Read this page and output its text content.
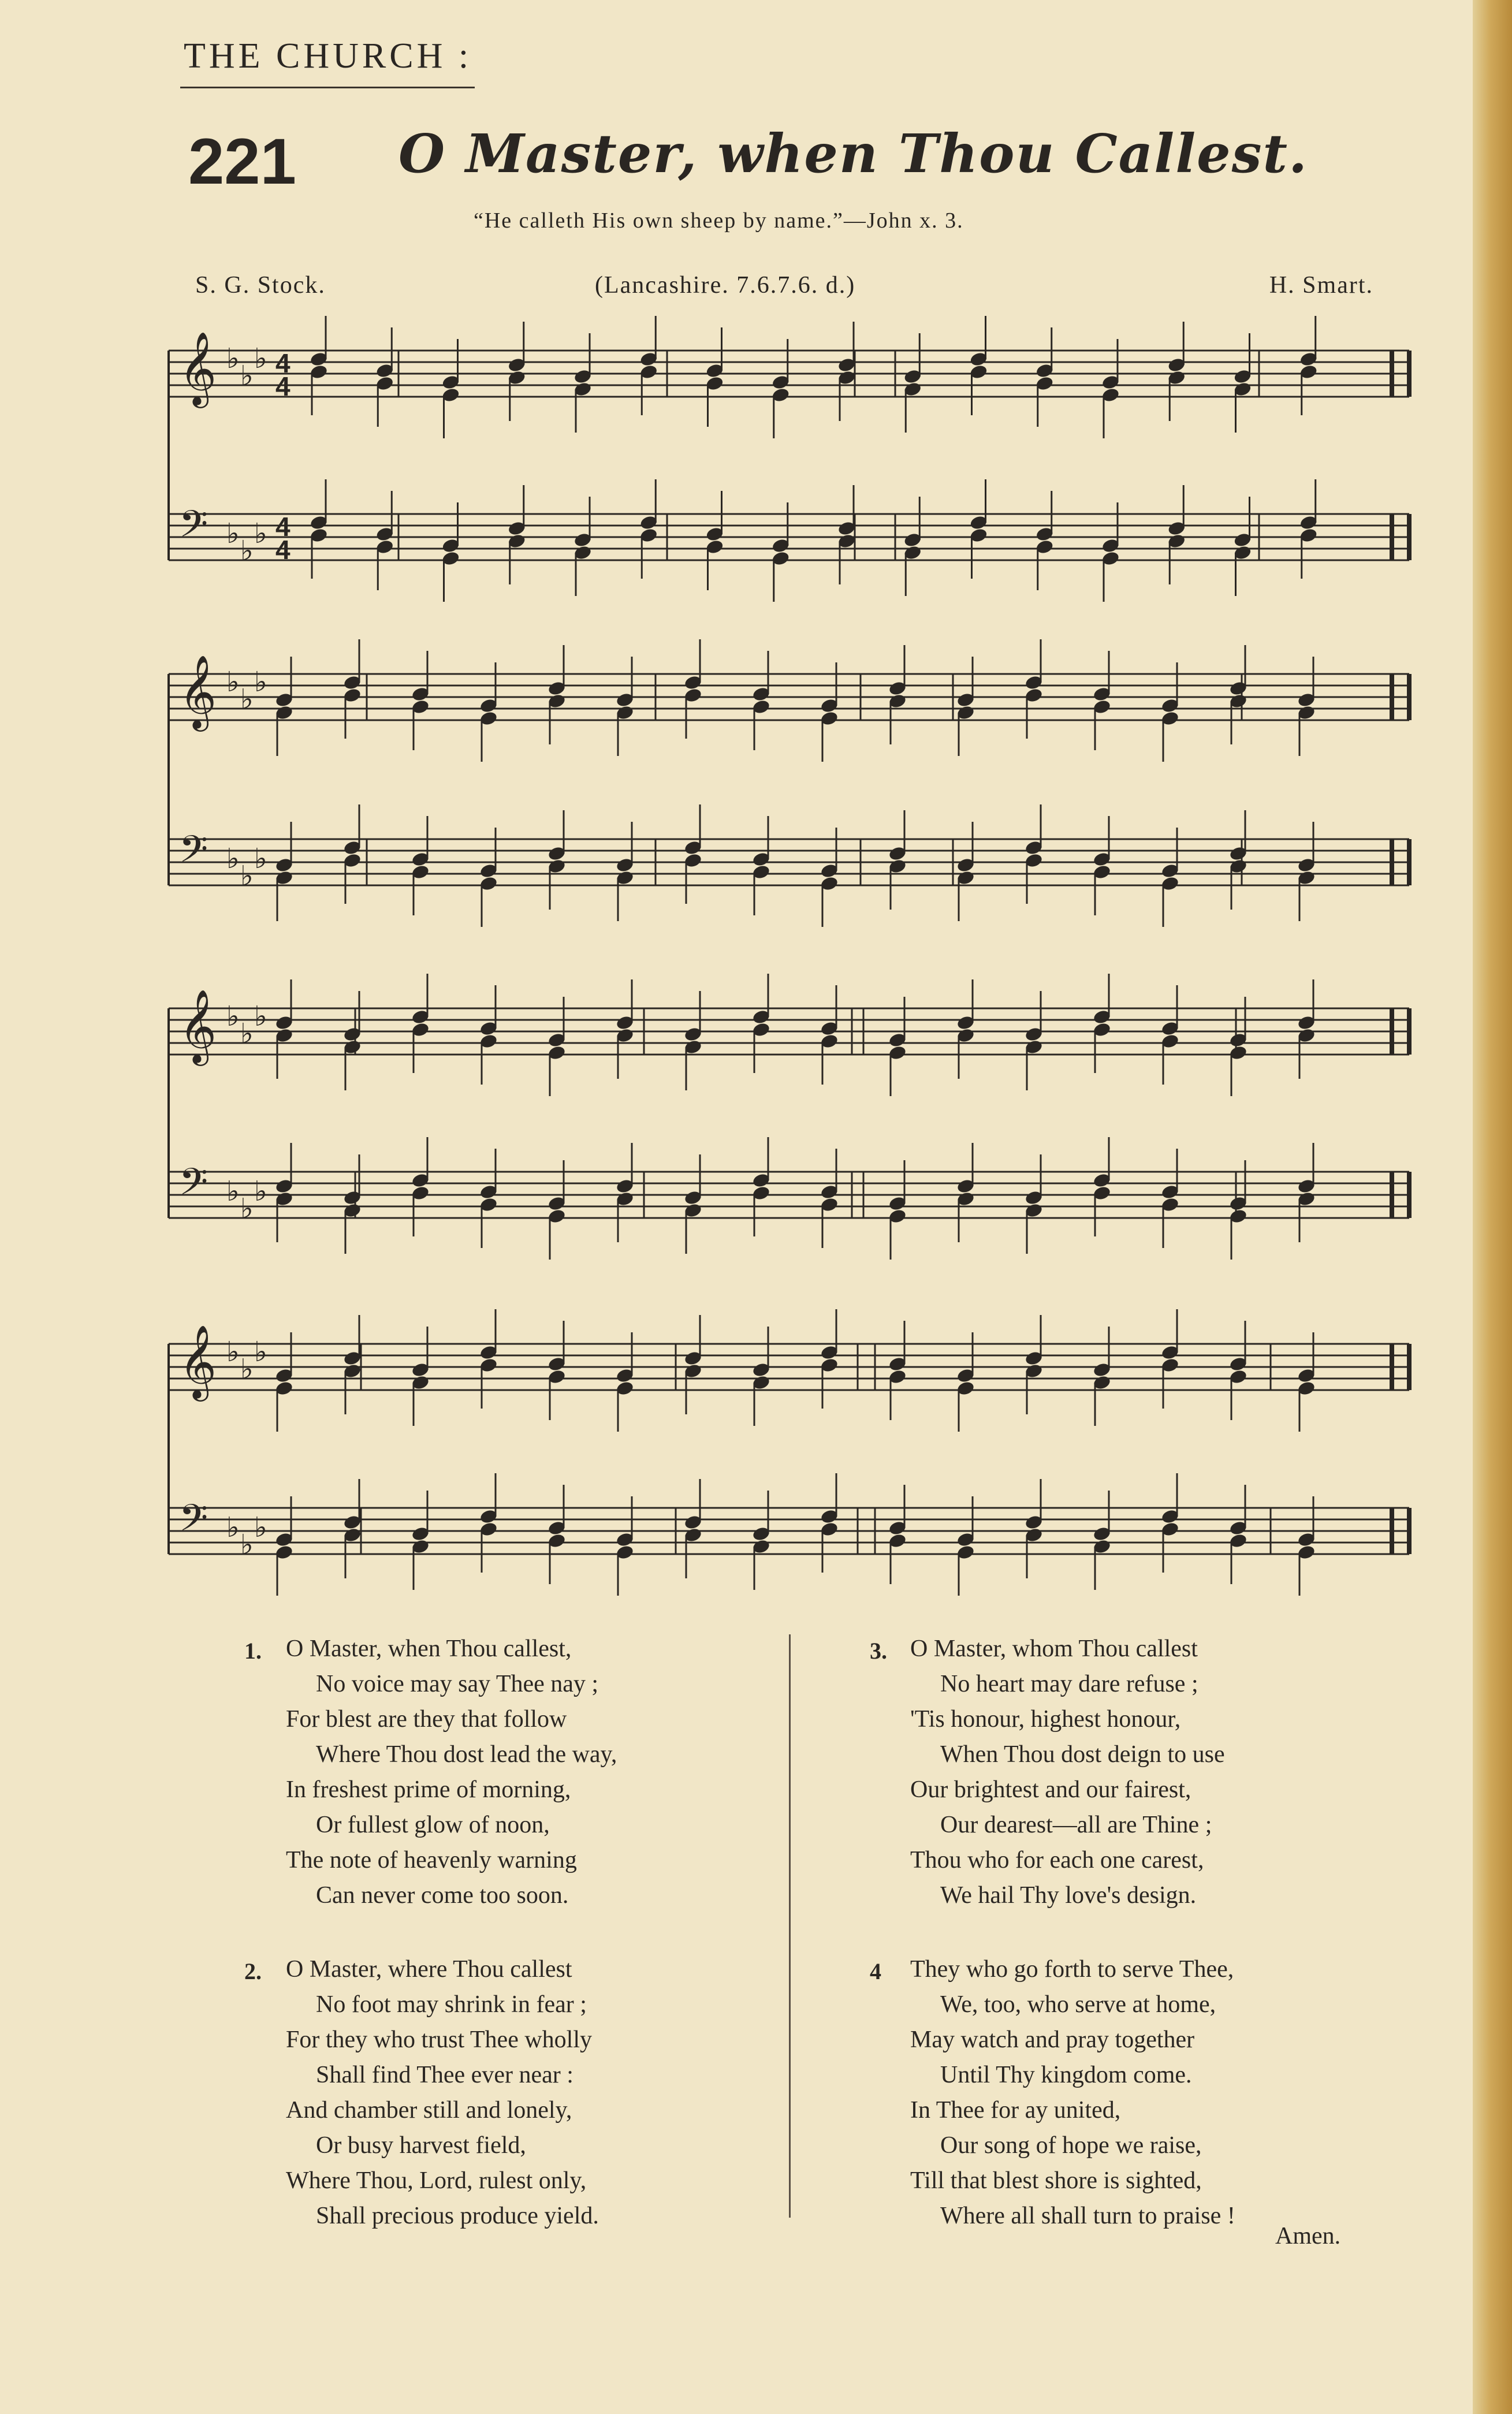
THE CHURCH :
221 O Master, when Thou Callest.
“He calleth His own sheep by name.”—John x. 3.
S. G. Stock.	(Lancashire. 7.6.7.6. d.)	H. Smart.
𝄞 ♭
♭
♭ 4
4
𝄢 ♭
♭
♭ 4
4
𝄞 ♭
♭
♭
𝄢 ♭
♭
♭
𝄞 ♭
♭
♭
𝄢 ♭
♭
♭
𝄞 ♭
♭
♭
𝄢 ♭
♭
♭
1. O Master, when Thou callest,
No voice may say Thee nay ;
For blest are they that follow
Where Thou dost lead the way,
In freshest prime of morning,
Or fullest glow of noon,
The note of heavenly warning
Can never come too soon.
2. O Master, where Thou callest
No foot may shrink in fear ;
For they who trust Thee wholly
Shall find Thee ever near :
And chamber still and lonely,
Or busy harvest field,
Where Thou, Lord, rulest only,
Shall precious produce yield.
3. O Master, whom Thou callest
No heart may dare refuse ;
'Tis honour, highest honour,
When Thou dost deign to use
Our brightest and our fairest,
Our dearest—all are Thine ;
Thou who for each one carest,
We hail Thy love's design.
4 They who go forth to serve Thee,
We, too, who serve at home,
May watch and pray together
Until Thy kingdom come.
In Thee for ay united,
Our song of hope we raise,
Till that blest shore is sighted,
Where all shall turn to praise !
Amen.
